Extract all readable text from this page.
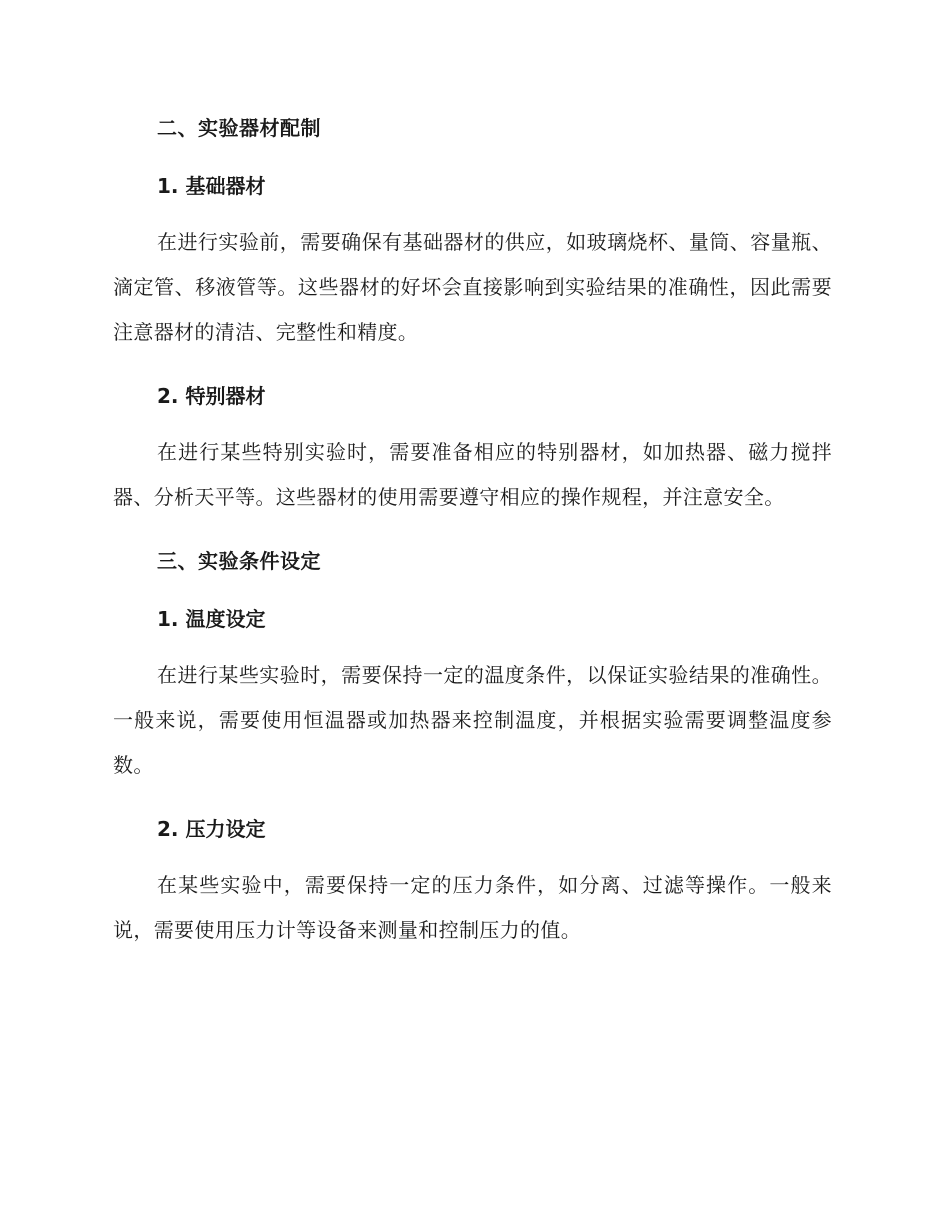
二、实验器材配制
1. 基础器材

在进行实验前，需要确保有基础器材的供应，如玻璃烧杯、量筒、容量瓶、滴定管、移液管等。这些器材的好坏会直接影响到实验结果的准确性，因此需要注意器材的清洁、完整性和精度。

2. 特别器材

在进行某些特别实验时，需要准备相应的特别器材，如加热器、磁力搅拌器、分析天平等。这些器材的使用需要遵守相应的操作规程，并注意安全。

三、实验条件设定
1. 温度设定

在进行某些实验时，需要保持一定的温度条件，以保证实验结果的准确性。一般来说，需要使用恒温器或加热器来控制温度，并根据实验需要调整温度参数。

2. 压力设定

在某些实验中，需要保持一定的压力条件，如分离、过滤等操作。一般来说，需要使用压力计等设备来测量和控制压力的值。
